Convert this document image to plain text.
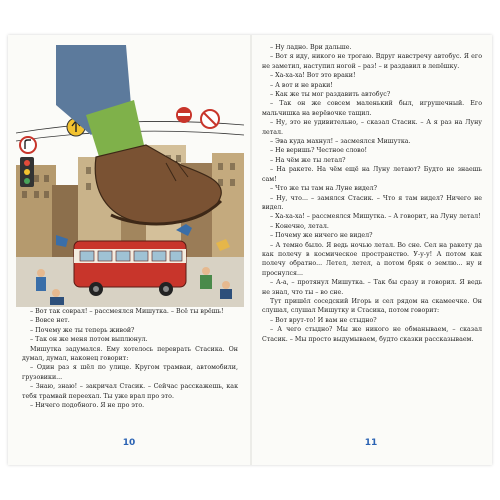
– Вот так соврал! – рассмеялся Мишутка. – Всё ты врёшь!

– Вовсе нет.

– Почему же ты теперь живой?

– Так он же меня потом выплюнул.

Мишутка задумался. Ему хотелось переврать Стасика. Он думал, думал, наконец говорит:

– Один раз я шёл по улице. Кругом трамваи, автомобили, грузовики...

– Знаю, знаю! – закричал Стасик. – Сейчас расскажешь, как тебя трамвай переехал. Ты уже врал про это.

– Ничего подобного. Я не про это.

10

– Ну ладно. Ври дальше.

– Вот я иду, никого не трогаю. Вдруг навстречу автобус. Я его не заметил, наступил ногой – раз! – и раздавил в лепёшку.

– Ха-ха-ха! Вот это враки!

– А вот и не враки!

– Как же ты мог раздавить автобус?

– Так он же совсем маленький был, игрушечный. Его мальчишка на верёвочке тащил.

– Ну, это не удивительно, – сказал Стасик. – А я раз на Луну летал.

– Эва куда махнул! – засмеялся Мишутка.

– Не веришь? Честное слово!

– На чём же ты летал?

– На ракете. На чём ещё на Луну летают? Будто не знаешь сам!

– Что же ты там на Луне видел?

– Ну, что... – замялся Стасик. – Что я там видел? Ничего не видел.

– Ха-ха-ха! – рассмеялся Мишутка. – А говорит, на Луну летал!

– Конечно, летал.

– Почему же ничего не видел?

– А темно было. Я ведь ночью летал. Во сне. Сел на ракету да как полечу в космическое пространство. У-у-у! А потом как полечу обратно... Летел, летел, а потом бряк о землю... ну и проснулся...

– А-а, – протянул Мишутка. – Так бы сразу и говорил. Я ведь не знал, что ты – во сне.

Тут пришёл соседский Игорь и сел рядом на скамеечке. Он слушал, слушал Мишутку и Стасика, потом говорит:

– Вот врут-то! И вам не стыдно?

– А чего стыдно? Мы же никого не обманываем, – сказал Стасик. – Мы просто выдумываем, будто сказки рассказываем.

11
